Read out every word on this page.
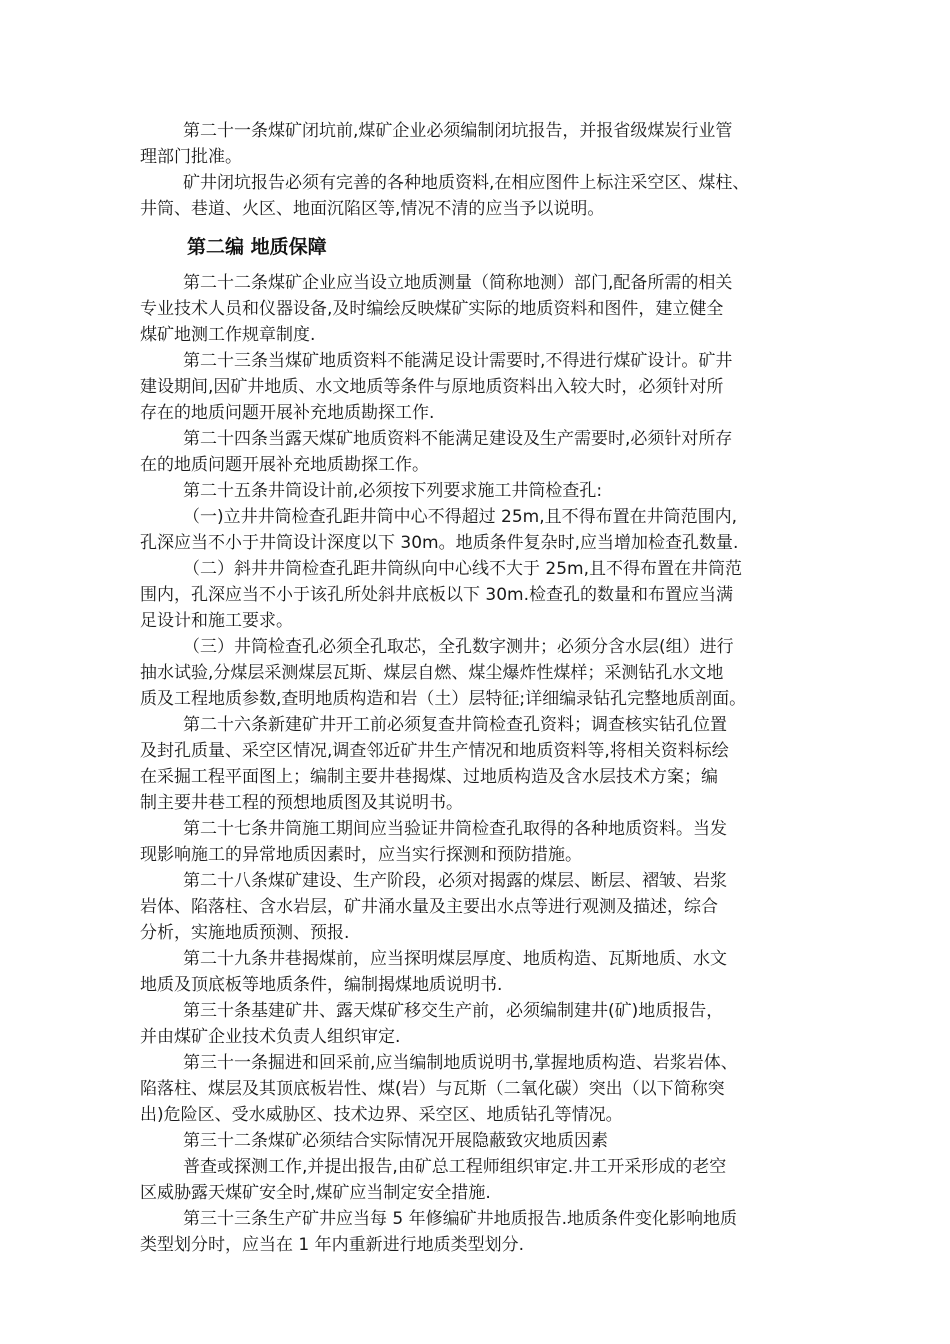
第二十一条煤矿闭坑前,煤矿企业必须编制闭坑报告，并报省级煤炭行业管
理部门批准。
矿井闭坑报告必须有完善的各种地质资料,在相应图件上标注采空区、煤柱、
井筒、巷道、火区、地面沉陷区等,情况不清的应当予以说明。
第二编 地质保障
第二十二条煤矿企业应当设立地质测量（简称地测）部门,配备所需的相关
专业技术人员和仪器设备,及时编绘反映煤矿实际的地质资料和图件，建立健全
煤矿地测工作规章制度.
第二十三条当煤矿地质资料不能满足设计需要时,不得进行煤矿设计。矿井
建设期间,因矿井地质、水文地质等条件与原地质资料出入较大时，必须针对所
存在的地质问题开展补充地质勘探工作.
第二十四条当露天煤矿地质资料不能满足建设及生产需要时,必须针对所存
在的地质问题开展补充地质勘探工作。
第二十五条井筒设计前,必须按下列要求施工井筒检查孔:
（一)立井井筒检查孔距井筒中心不得超过 25m,且不得布置在井筒范围内,
孔深应当不小于井筒设计深度以下 30m。地质条件复杂时,应当增加检查孔数量.
（二）斜井井筒检查孔距井筒纵向中心线不大于 25m,且不得布置在井筒范
围内，孔深应当不小于该孔所处斜井底板以下 30m.检查孔的数量和布置应当满
足设计和施工要求。
（三）井筒检查孔必须全孔取芯，全孔数字测井；必须分含水层(组）进行
抽水试验,分煤层采测煤层瓦斯、煤层自燃、煤尘爆炸性煤样；采测钻孔水文地
质及工程地质参数,查明地质构造和岩（土）层特征;详细编录钻孔完整地质剖面。
第二十六条新建矿井开工前必须复查井筒检查孔资料；调查核实钻孔位置
及封孔质量、采空区情况,调查邻近矿井生产情况和地质资料等,将相关资料标绘
在采掘工程平面图上；编制主要井巷揭煤、过地质构造及含水层技术方案；编
制主要井巷工程的预想地质图及其说明书。
第二十七条井筒施工期间应当验证井筒检查孔取得的各种地质资料。当发
现影响施工的异常地质因素时，应当实行探测和预防措施。
第二十八条煤矿建设、生产阶段，必须对揭露的煤层、断层、褶皱、岩浆
岩体、陷落柱、含水岩层，矿井涌水量及主要出水点等进行观测及描述，综合
分析，实施地质预测、预报.
第二十九条井巷揭煤前，应当探明煤层厚度、地质构造、瓦斯地质、水文
地质及顶底板等地质条件，编制揭煤地质说明书.
第三十条基建矿井、露天煤矿移交生产前，必须编制建井(矿)地质报告，
并由煤矿企业技术负责人组织审定.
第三十一条掘进和回采前,应当编制地质说明书,掌握地质构造、岩浆岩体、
陷落柱、煤层及其顶底板岩性、煤(岩）与瓦斯（二氧化碳）突出（以下简称突
出)危险区、受水威胁区、技术边界、采空区、地质钻孔等情况。
第三十二条煤矿必须结合实际情况开展隐蔽致灾地质因素
普查或探测工作,并提出报告,由矿总工程师组织审定.井工开采形成的老空
区威胁露天煤矿安全时,煤矿应当制定安全措施.
第三十三条生产矿井应当每 5 年修编矿井地质报告.地质条件变化影响地质
类型划分时，应当在 1 年内重新进行地质类型划分.
